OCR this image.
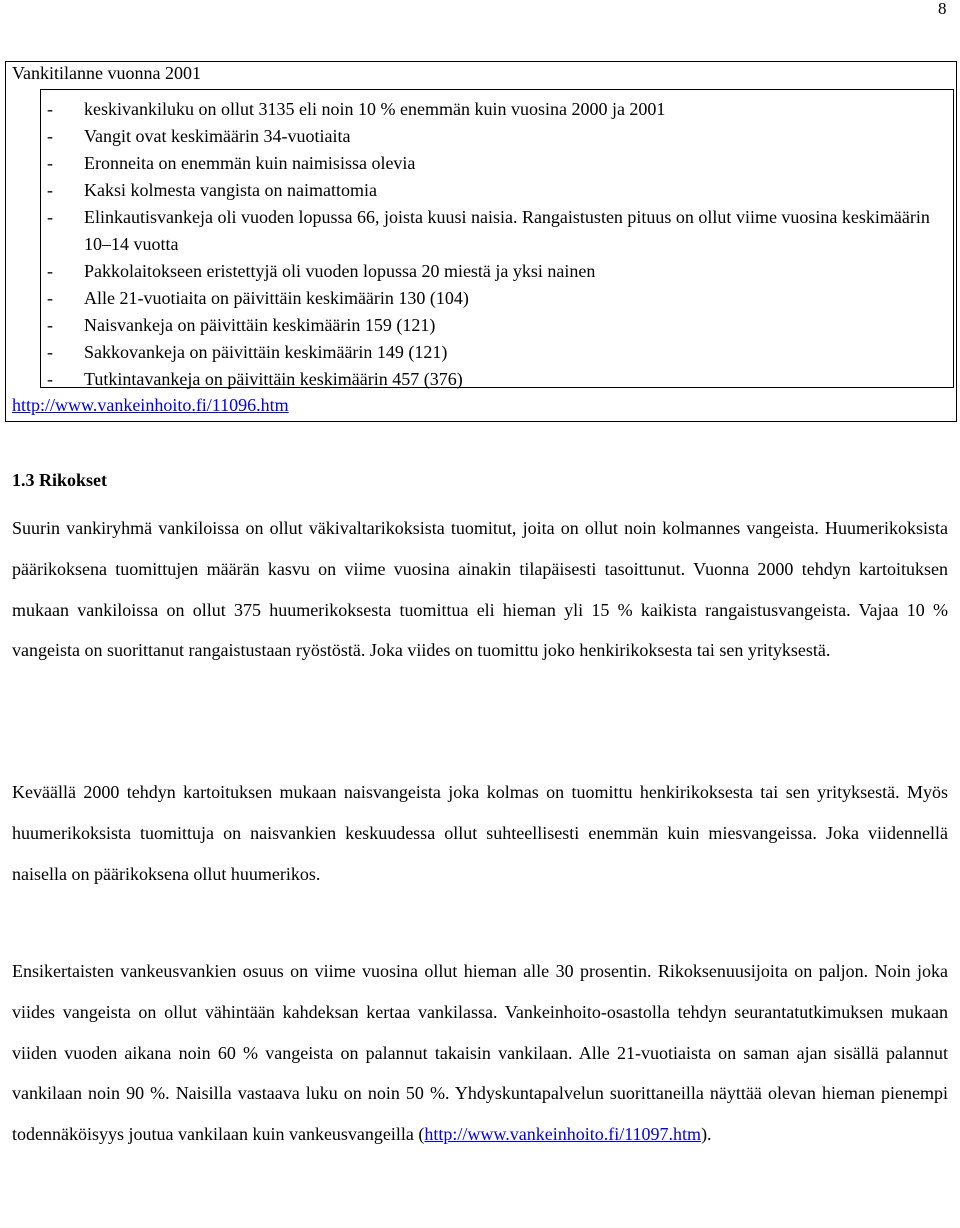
8
Vankitilanne vuonna 2001
- keskivankiluku on ollut 3135 eli noin 10 % enemmän kuin vuosina 2000 ja 2001
- Vangit ovat keskimäärin 34-vuotiaita
- Eronneita on enemmän kuin naimisissa olevia
- Kaksi kolmesta vangista on naimattomia
- Elinkautisvankeja oli vuoden lopussa 66, joista kuusi naisia. Rangaistusten pituus on ollut viime vuosina keskimäärin 10–14 vuotta
- Pakkolaitokseen eristettyjä oli vuoden lopussa 20 miestä ja yksi nainen
- Alle 21-vuotiaita on päivittäin keskimäärin 130 (104)
- Naisvankeja on päivittäin keskimäärin 159 (121)
- Sakkovankeja on päivittäin keskimäärin 149 (121)
- Tutkintavankeja on päivittäin keskimäärin 457 (376)
http://www.vankeinhoito.fi/11096.htm
1.3 Rikokset

Suurin vankiryhmä vankiloissa on ollut väkivaltarikoksista tuomitut, joita on ollut noin kolmannes vangeista. Huumerikoksista päärikoksena tuomittujen määrän kasvu on viime vuosina ainakin tilapäisesti tasoittunut. Vuonna 2000 tehdyn kartoituksen mukaan vankiloissa on ollut 375 huumerikoksesta tuomittua eli hieman yli 15 % kaikista rangaistusvangeista. Vajaa 10 % vangeista on suorittanut rangaistustaan ryöstöstä. Joka viides on tuomittu joko henkirikoksesta tai sen yrityksestä.

Keväällä 2000 tehdyn kartoituksen mukaan naisvangeista joka kolmas on tuomittu henkirikoksesta tai sen yrityksestä. Myös huumerikoksista tuomittuja on naisvankien keskuudessa ollut suhteellisesti enemmän kuin miesvangeissa. Joka viidennellä naisella on päärikoksena ollut huumerikos.

Ensikertaisten vankeusvankien osuus on viime vuosina ollut hieman alle 30 prosentin. Rikoksenuusijoita on paljon. Noin joka viides vangeista on ollut vähintään kahdeksan kertaa vankilassa. Vankeinhoito-osastolla tehdyn seurantatutkimuksen mukaan viiden vuoden aikana noin 60 % vangeista on palannut takaisin vankilaan. Alle 21-vuotiaista on saman ajan sisällä palannut vankilaan noin 90 %. Naisilla vastaava luku on noin 50 %. Yhdyskuntapalvelun suorittaneilla näyttää olevan hieman pienempi todennäköisyys joutua vankilaan kuin vankeusvangeilla (http://www.vankeinhoito.fi/11097.htm).
